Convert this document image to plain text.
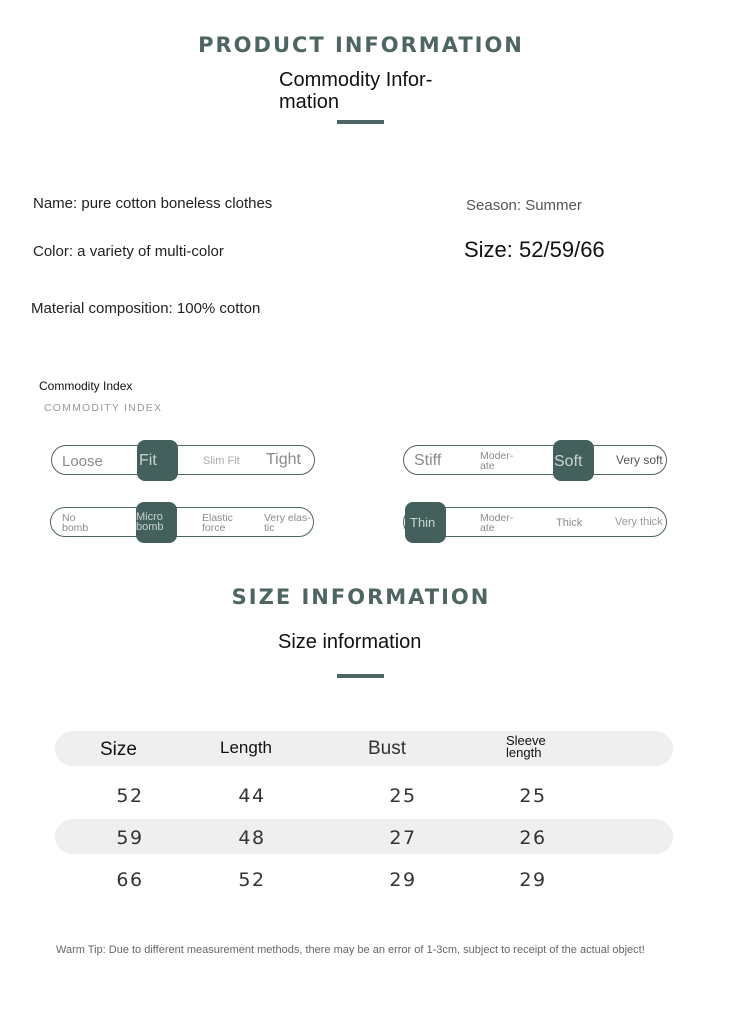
PRODUCT INFORMATION
Commodity Infor-
mation
Name: pure cotton boneless clothes	Season: Summer
Color: a variety of multi-color	Size: 52/59/66
Material composition: 100% cotton
Commodity Index
COMMODITY INDEX
Loose	Slim Fit Tight
Fit	Stiff	Moder-
ate	Very soft
Soft
No
bomb
Elastic
force
Very elas-
tic
Micro
bomb
Moder-
ate	Thick	Very thick
Thin
SIZE INFORMATION
Size information
Size	Length	Bust	Sleeve
length
52	44	25	25
59	48	27	26
66	52	29	29
Warm Tip: Due to different measurement methods, there may be an error of 1-3cm, subject to receipt of the actual object!
